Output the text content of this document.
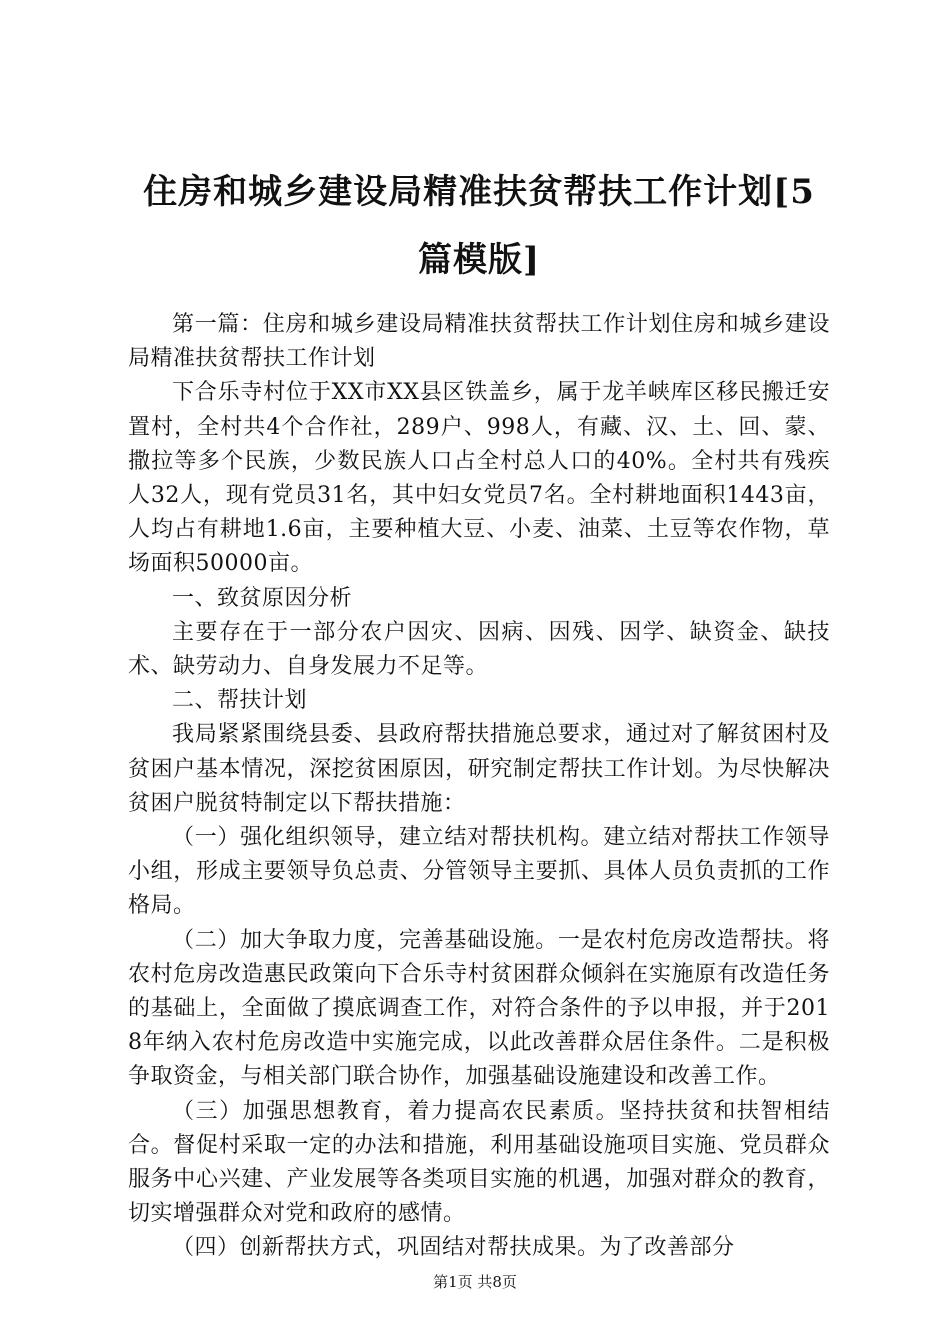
住房和城乡建设局精准扶贫帮扶工作计划[5篇模版]

第一篇：住房和城乡建设局精准扶贫帮扶工作计划住房和城乡建设局精准扶贫帮扶工作计划

下合乐寺村位于XX市XX县区铁盖乡，属于龙羊峡库区移民搬迁安置村，全村共4个合作社，289户、998人，有藏、汉、土、回、蒙、撒拉等多个民族，少数民族人口占全村总人口的40%。全村共有残疾人32人，现有党员31名，其中妇女党员7名。全村耕地面积1443亩，人均占有耕地1.6亩，主要种植大豆、小麦、油菜、土豆等农作物，草场面积50000亩。

一、致贫原因分析

主要存在于一部分农户因灾、因病、因残、因学、缺资金、缺技术、缺劳动力、自身发展力不足等。

二、帮扶计划

我局紧紧围绕县委、县政府帮扶措施总要求，通过对了解贫困村及贫困户基本情况，深挖贫困原因，研究制定帮扶工作计划。为尽快解决贫困户脱贫特制定以下帮扶措施：

（一）强化组织领导，建立结对帮扶机构。建立结对帮扶工作领导小组，形成主要领导负总责、分管领导主要抓、具体人员负责抓的工作格局。

（二）加大争取力度，完善基础设施。一是农村危房改造帮扶。将农村危房改造惠民政策向下合乐寺村贫困群众倾斜在实施原有改造任务的基础上，全面做了摸底调查工作，对符合条件的予以申报，并于2018年纳入农村危房改造中实施完成，以此改善群众居住条件。二是积极争取资金，与相关部门联合协作，加强基础设施建设和改善工作。

（三）加强思想教育，着力提高农民素质。坚持扶贫和扶智相结合。督促村采取一定的办法和措施，利用基础设施项目实施、党员群众服务中心兴建、产业发展等各类项目实施的机遇，加强对群众的教育，切实增强群众对党和政府的感情。

（四）创新帮扶方式，巩固结对帮扶成果。为了改善部分

第1页 共8页
